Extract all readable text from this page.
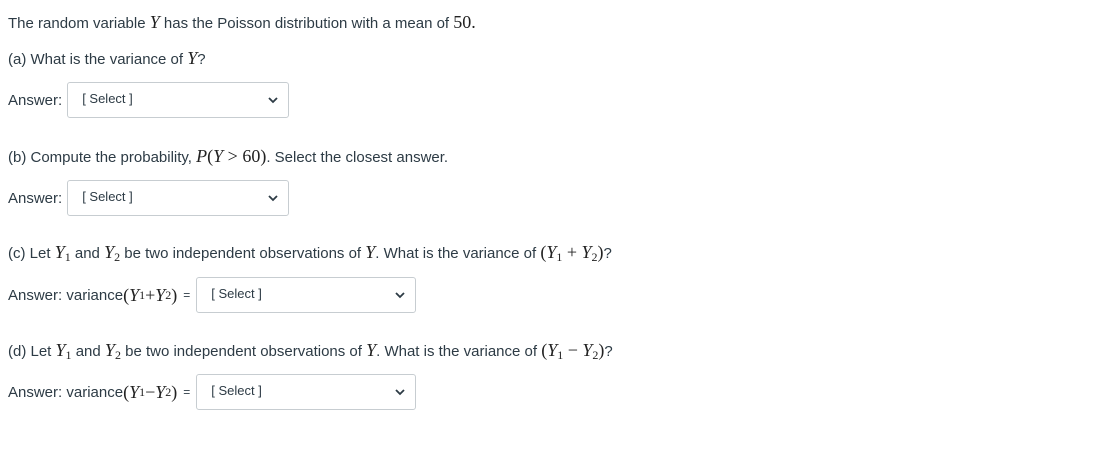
The random variable Y has the Poisson distribution with a mean of 50.
(a) What is the variance of Y?
Answer: [ Select ]
(b) Compute the probability, P(Y > 60). Select the closest answer.
Answer: [ Select ]
(c) Let $Y_1$ and $Y_2$ be two independent observations of Y. What is the variance of $(Y_1 + Y_2)$?
Answer: variance ( Y 1 + Y 2 ) = [ Select ]
(d) Let $Y_1$ and $Y_2$ be two independent observations of Y. What is the variance of $(Y_1 - Y_2)$?
Answer: variance ( Y 1 − Y 2 ) = [ Select ]
